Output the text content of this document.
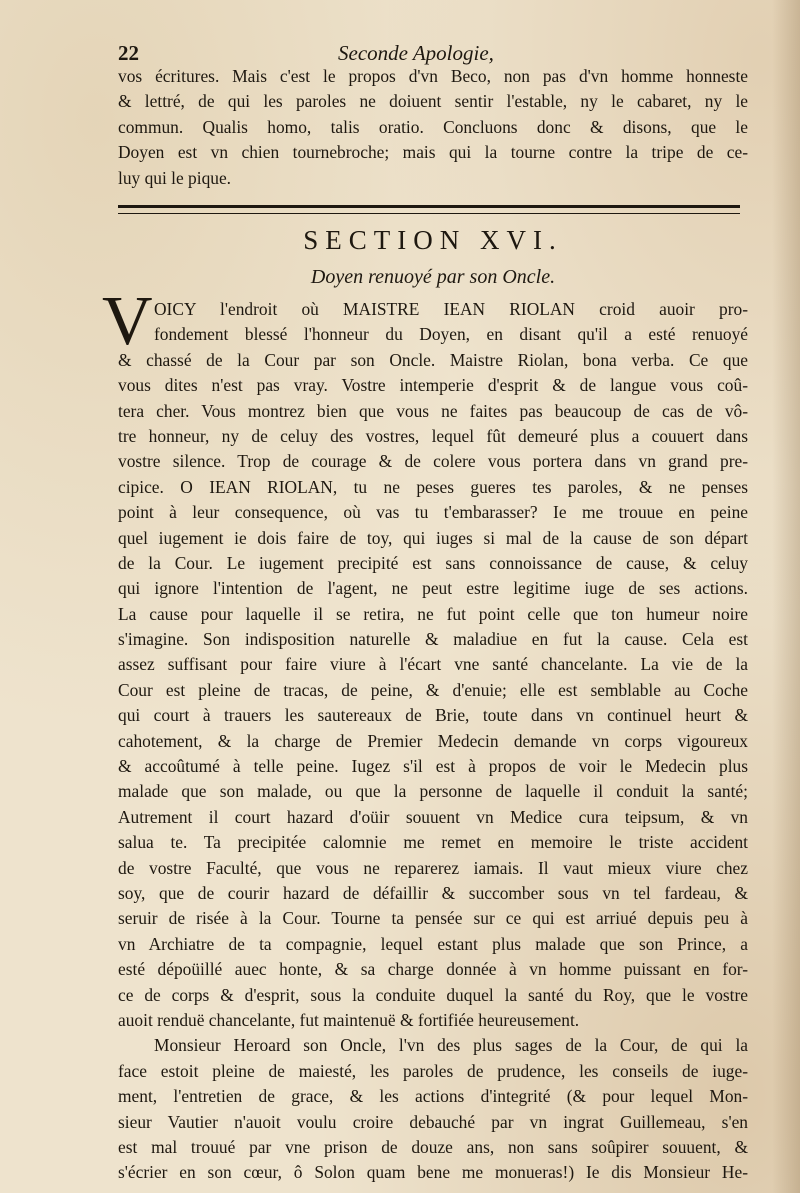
22	Seconde Apologie,
vos écritures. Mais c'est le propos d'vn Beco, non pas d'vn homme honneste
& lettré, de qui les paroles ne doiuent sentir l'estable, ny le cabaret, ny le
commun. Qualis homo, talis oratio. Concluons donc & disons, que le
Doyen est vn chien tournebroche; mais qui la tourne contre la tripe de ce-
luy qui le pique.
SECTION XVI.
Doyen renuoyé par son Oncle.
V OICY l'endroit où MAISTRE IEAN RIOLAN croid auoir pro-
fondement blessé l'honneur du Doyen, en disant qu'il a esté renuoyé
& chassé de la Cour par son Oncle. Maistre Riolan, bona verba. Ce que
vous dites n'est pas vray. Vostre intemperie d'esprit & de langue vous coû-
tera cher. Vous montrez bien que vous ne faites pas beaucoup de cas de vô-
tre honneur, ny de celuy des vostres, lequel fût demeuré plus a couuert dans
vostre silence. Trop de courage & de colere vous portera dans vn grand pre-
cipice. O IEAN RIOLAN, tu ne peses gueres tes paroles, & ne penses
point à leur consequence, où vas tu t'embarasser? Ie me trouue en peine
quel iugement ie dois faire de toy, qui iuges si mal de la cause de son départ
de la Cour. Le iugement precipité est sans connoissance de cause, & celuy
qui ignore l'intention de l'agent, ne peut estre legitime iuge de ses actions.
La cause pour laquelle il se retira, ne fut point celle que ton humeur noire
s'imagine. Son indisposition naturelle & maladiue en fut la cause. Cela est
assez suffisant pour faire viure à l'écart vne santé chancelante. La vie de la
Cour est pleine de tracas, de peine, & d'enuie; elle est semblable au Coche
qui court à trauers les sautereaux de Brie, toute dans vn continuel heurt &
cahotement, & la charge de Premier Medecin demande vn corps vigoureux
& accoûtumé à telle peine. Iugez s'il est à propos de voir le Medecin plus
malade que son malade, ou que la personne de laquelle il conduit la santé;
Autrement il court hazard d'oüir souuent vn Medice cura teipsum, & vn
salua te. Ta precipitée calomnie me remet en memoire le triste accident
de vostre Faculté, que vous ne reparerez iamais. Il vaut mieux viure chez
soy, que de courir hazard de défaillir & succomber sous vn tel fardeau, &
seruir de risée à la Cour. Tourne ta pensée sur ce qui est arriué depuis peu à
vn Archiatre de ta compagnie, lequel estant plus malade que son Prince, a
esté dépoüillé auec honte, & sa charge donnée à vn homme puissant en for-
ce de corps & d'esprit, sous la conduite duquel la santé du Roy, que le vostre
auoit renduë chancelante, fut maintenuë & fortifiée heureusement.
Monsieur Heroard son Oncle, l'vn des plus sages de la Cour, de qui la
face estoit pleine de maiesté, les paroles de prudence, les conseils de iuge-
ment, l'entretien de grace, & les actions d'integrité (& pour lequel Mon-
sieur Vautier n'auoit voulu croire debauché par vn ingrat Guillemeau, s'en
est mal trouué par vne prison de douze ans, non sans soûpirer souuent, &
s'écrier en son cœur, ô Solon quam bene me monueras!) Ie dis Monsieur He-
